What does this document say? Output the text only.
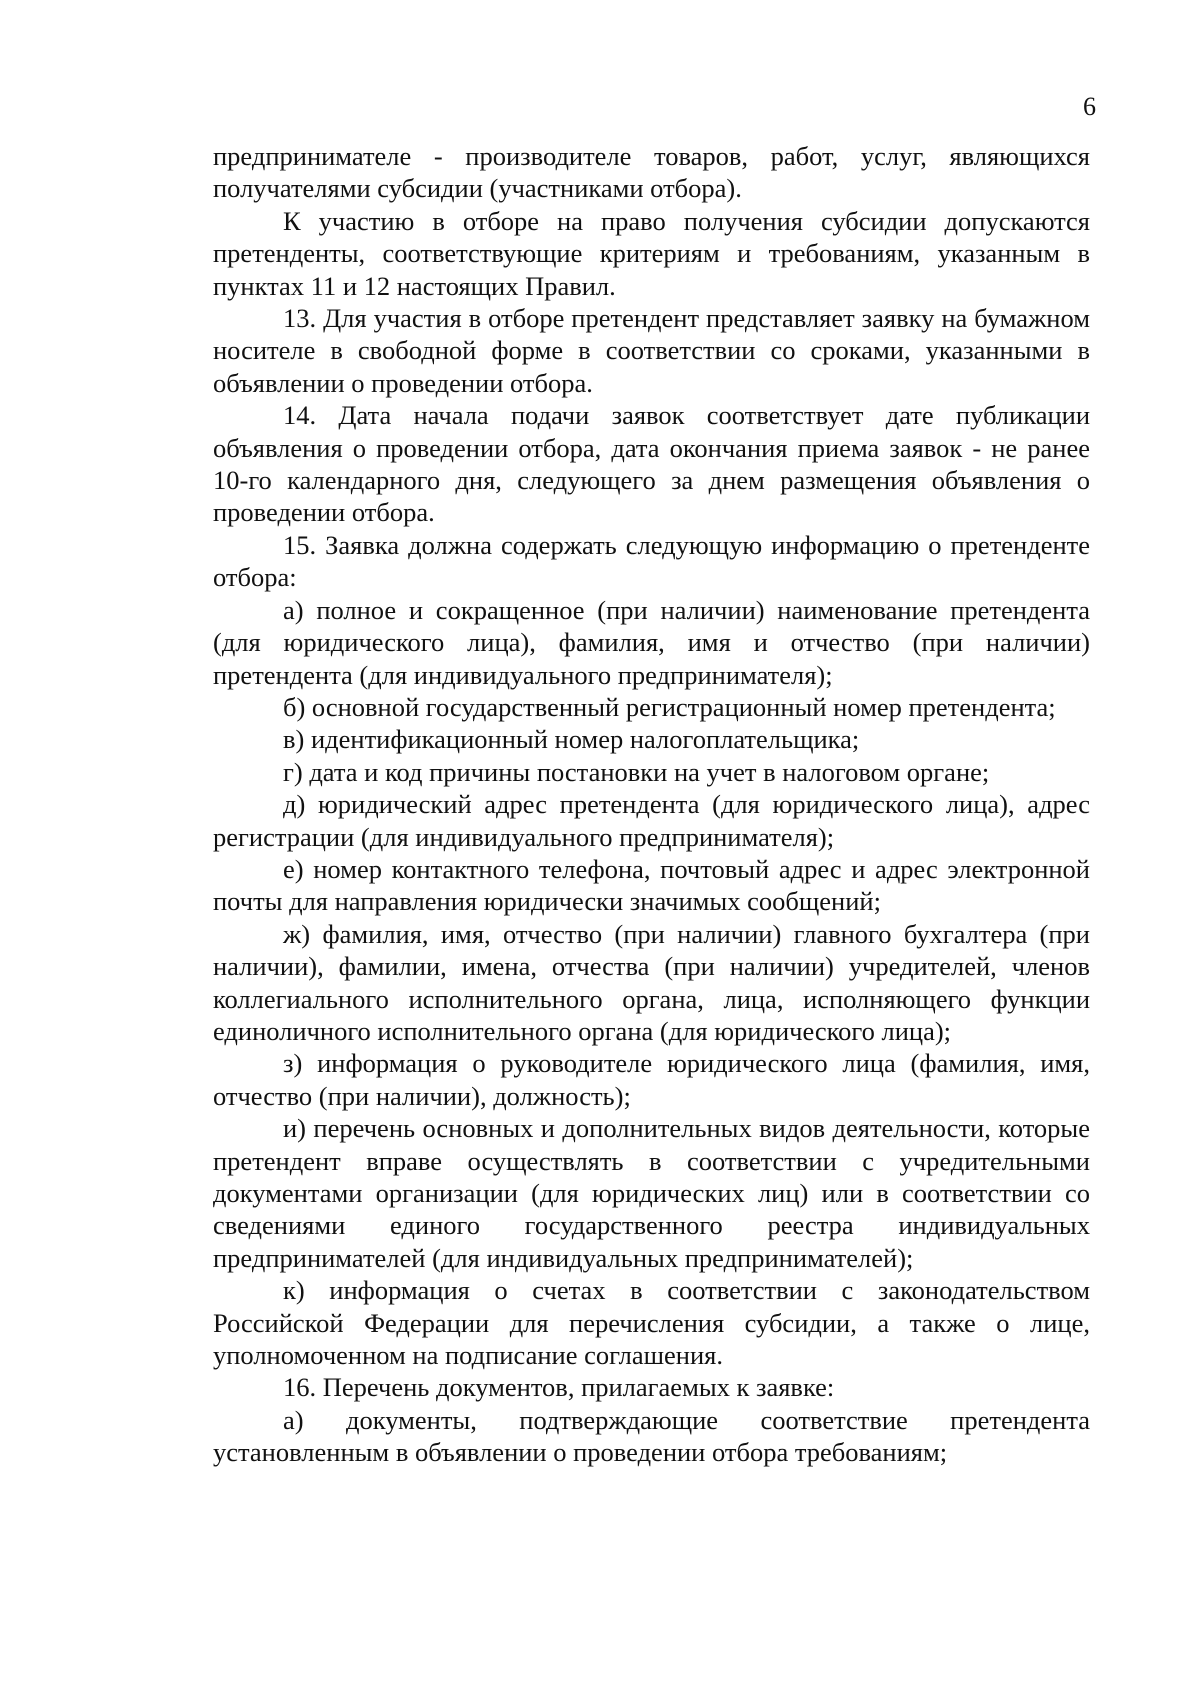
6

предпринимателе - производителе товаров, работ, услуг, являющихся получателями субсидии (участниками отбора).

К участию в отборе на право получения субсидии допускаются претенденты, соответствующие критериям и требованиям, указанным в пунктах 11 и 12 настоящих Правил.

13. Для участия в отборе претендент представляет заявку на бумажном носителе в свободной форме в соответствии со сроками, указанными в объявлении о проведении отбора.

14. Дата начала подачи заявок соответствует дате публикации объявления о проведении отбора, дата окончания приема заявок - не ранее 10-го календарного дня, следующего за днем размещения объявления о проведении отбора.

15. Заявка должна содержать следующую информацию о претенденте отбора:

а) полное и сокращенное (при наличии) наименование претендента (для юридического лица), фамилия, имя и отчество (при наличии) претендента (для индивидуального предпринимателя);

б) основной государственный регистрационный номер претендента;

в) идентификационный номер налогоплательщика;

г) дата и код причины постановки на учет в налоговом органе;

д) юридический адрес претендента (для юридического лица), адрес регистрации (для индивидуального предпринимателя);

е) номер контактного телефона, почтовый адрес и адрес электронной почты для направления юридически значимых сообщений;

ж) фамилия, имя, отчество (при наличии) главного бухгалтера (при наличии), фамилии, имена, отчества (при наличии) учредителей, членов коллегиального исполнительного органа, лица, исполняющего функции единоличного исполнительного органа (для юридического лица);

з) информация о руководителе юридического лица (фамилия, имя, отчество (при наличии), должность);

и) перечень основных и дополнительных видов деятельности, которые претендент вправе осуществлять в соответствии с учредительными документами организации (для юридических лиц) или в соответствии со сведениями единого государственного реестра индивидуальных предпринимателей (для индивидуальных предпринимателей);

к) информация о счетах в соответствии с законодательством Российской Федерации для перечисления субсидии, а также о лице, уполномоченном на подписание соглашения.

16. Перечень документов, прилагаемых к заявке:

а) документы, подтверждающие соответствие претендента установленным в объявлении о проведении отбора требованиям;
